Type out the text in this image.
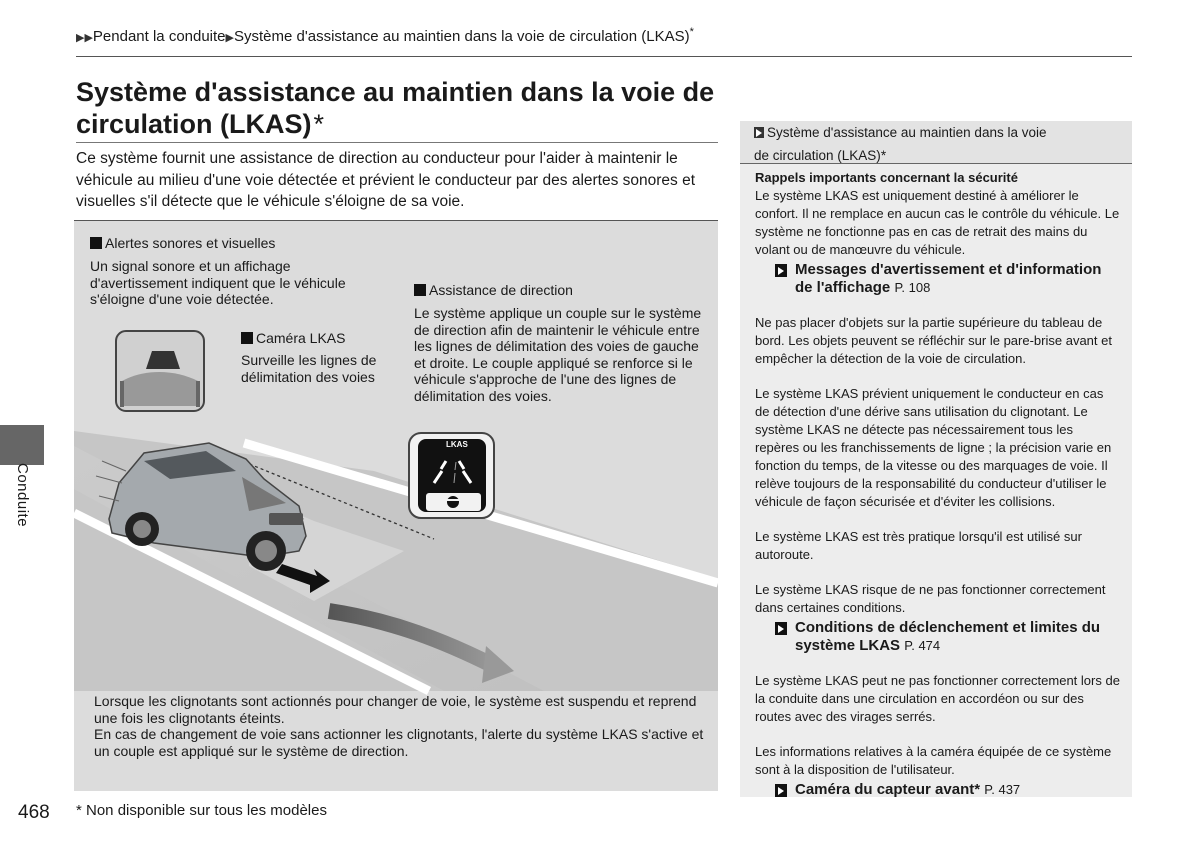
▶▶Pendant la conduite▶Système d'assistance au maintien dans la voie de circulation (LKAS)*
Système d'assistance au maintien dans la voie de circulation (LKAS)*

Ce système fournit une assistance de direction au conducteur pour l'aider à maintenir le véhicule au milieu d'une voie détectée et prévient le conducteur par des alertes sonores et visuelles s'il détecte que le véhicule s'éloigne de sa voie.

Alertes sonores et visuelles
Un signal sonore et un affichage d'avertissement indiquent que le véhicule s'éloigne d'une voie détectée.
Caméra LKAS
Surveille les lignes de délimitation des voies
Assistance de direction
Le système applique un couple sur le système de direction afin de maintenir le véhicule entre les lignes de délimitation des voies de gauche et droite. Le couple appliqué se renforce si le véhicule s'approche de l'une des lignes de délimitation des voies.
LKAS
Lorsque les clignotants sont actionnés pour changer de voie, le système est suspendu et reprend une fois les clignotants éteints.
En cas de changement de voie sans actionner les clignotants, l'alerte du système LKAS s'active et un couple est appliqué sur le système de direction.
Conduite
468 * Non disponible sur tous les modèles
Système d'assistance au maintien dans la voie de circulation (LKAS)*

Rappels importants concernant la sécurité

Le système LKAS est uniquement destiné à améliorer le confort. Il ne remplace en aucun cas le contrôle du véhicule. Le système ne fonctionne pas en cas de retrait des mains du volant ou de manœuvre du véhicule.

Messages d'avertissement et d'information de l'affichage P. 108

Ne pas placer d'objets sur la partie supérieure du tableau de bord. Les objets peuvent se réfléchir sur le pare-brise avant et empêcher la détection de la voie de circulation.

Le système LKAS prévient uniquement le conducteur en cas de détection d'une dérive sans utilisation du clignotant. Le système LKAS ne détecte pas nécessairement tous les repères ou les franchissements de ligne ; la précision varie en fonction du temps, de la vitesse ou des marquages de voie. Il relève toujours de la responsabilité du conducteur d'utiliser le véhicule de façon sécurisée et d'éviter les collisions.

Le système LKAS est très pratique lorsqu'il est utilisé sur autoroute.

Le système LKAS risque de ne pas fonctionner correctement dans certaines conditions.

Conditions de déclenchement et limites du système LKAS P. 474

Le système LKAS peut ne pas fonctionner correctement lors de la conduite dans une circulation en accordéon ou sur des routes avec des virages serrés.

Les informations relatives à la caméra équipée de ce système sont à la disposition de l'utilisateur.

Caméra du capteur avant* P. 437
